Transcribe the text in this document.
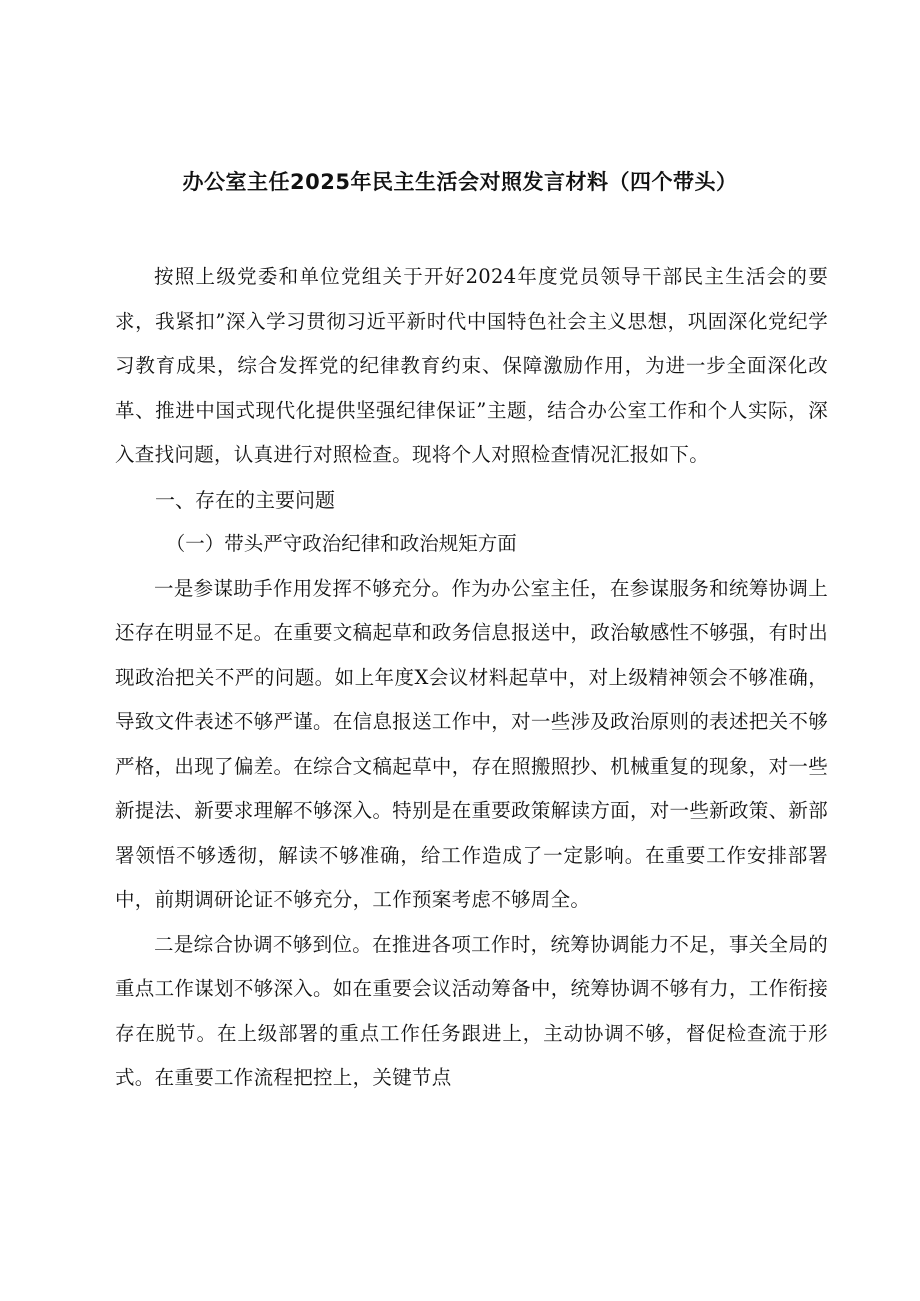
办公室主任2025年民主生活会对照发言材料（四个带头）

按照上级党委和单位党组关于开好2024年度党员领导干部民主生活会的要求，我紧扣”深入学习贯彻习近平新时代中国特色社会主义思想，巩固深化党纪学习教育成果，综合发挥党的纪律教育约束、保障激励作用，为进一步全面深化改革、推进中国式现代化提供坚强纪律保证”主题，结合办公室工作和个人实际，深入查找问题，认真进行对照检查。现将个人对照检查情况汇报如下。

一、存在的主要问题

（一）带头严守政治纪律和政治规矩方面

一是参谋助手作用发挥不够充分。作为办公室主任，在参谋服务和统筹协调上还存在明显不足。在重要文稿起草和政务信息报送中，政治敏感性不够强，有时出现政治把关不严的问题。如上年度X会议材料起草中，对上级精神领会不够准确，导致文件表述不够严谨。在信息报送工作中，对一些涉及政治原则的表述把关不够严格，出现了偏差。在综合文稿起草中，存在照搬照抄、机械重复的现象，对一些新提法、新要求理解不够深入。特别是在重要政策解读方面，对一些新政策、新部署领悟不够透彻，解读不够准确，给工作造成了一定影响。在重要工作安排部署中，前期调研论证不够充分，工作预案考虑不够周全。

二是综合协调不够到位。在推进各项工作时，统筹协调能力不足，事关全局的重点工作谋划不够深入。如在重要会议活动筹备中，统筹协调不够有力，工作衔接存在脱节。在上级部署的重点工作任务跟进上，主动协调不够，督促检查流于形式。在重要工作流程把控上，关键节点
